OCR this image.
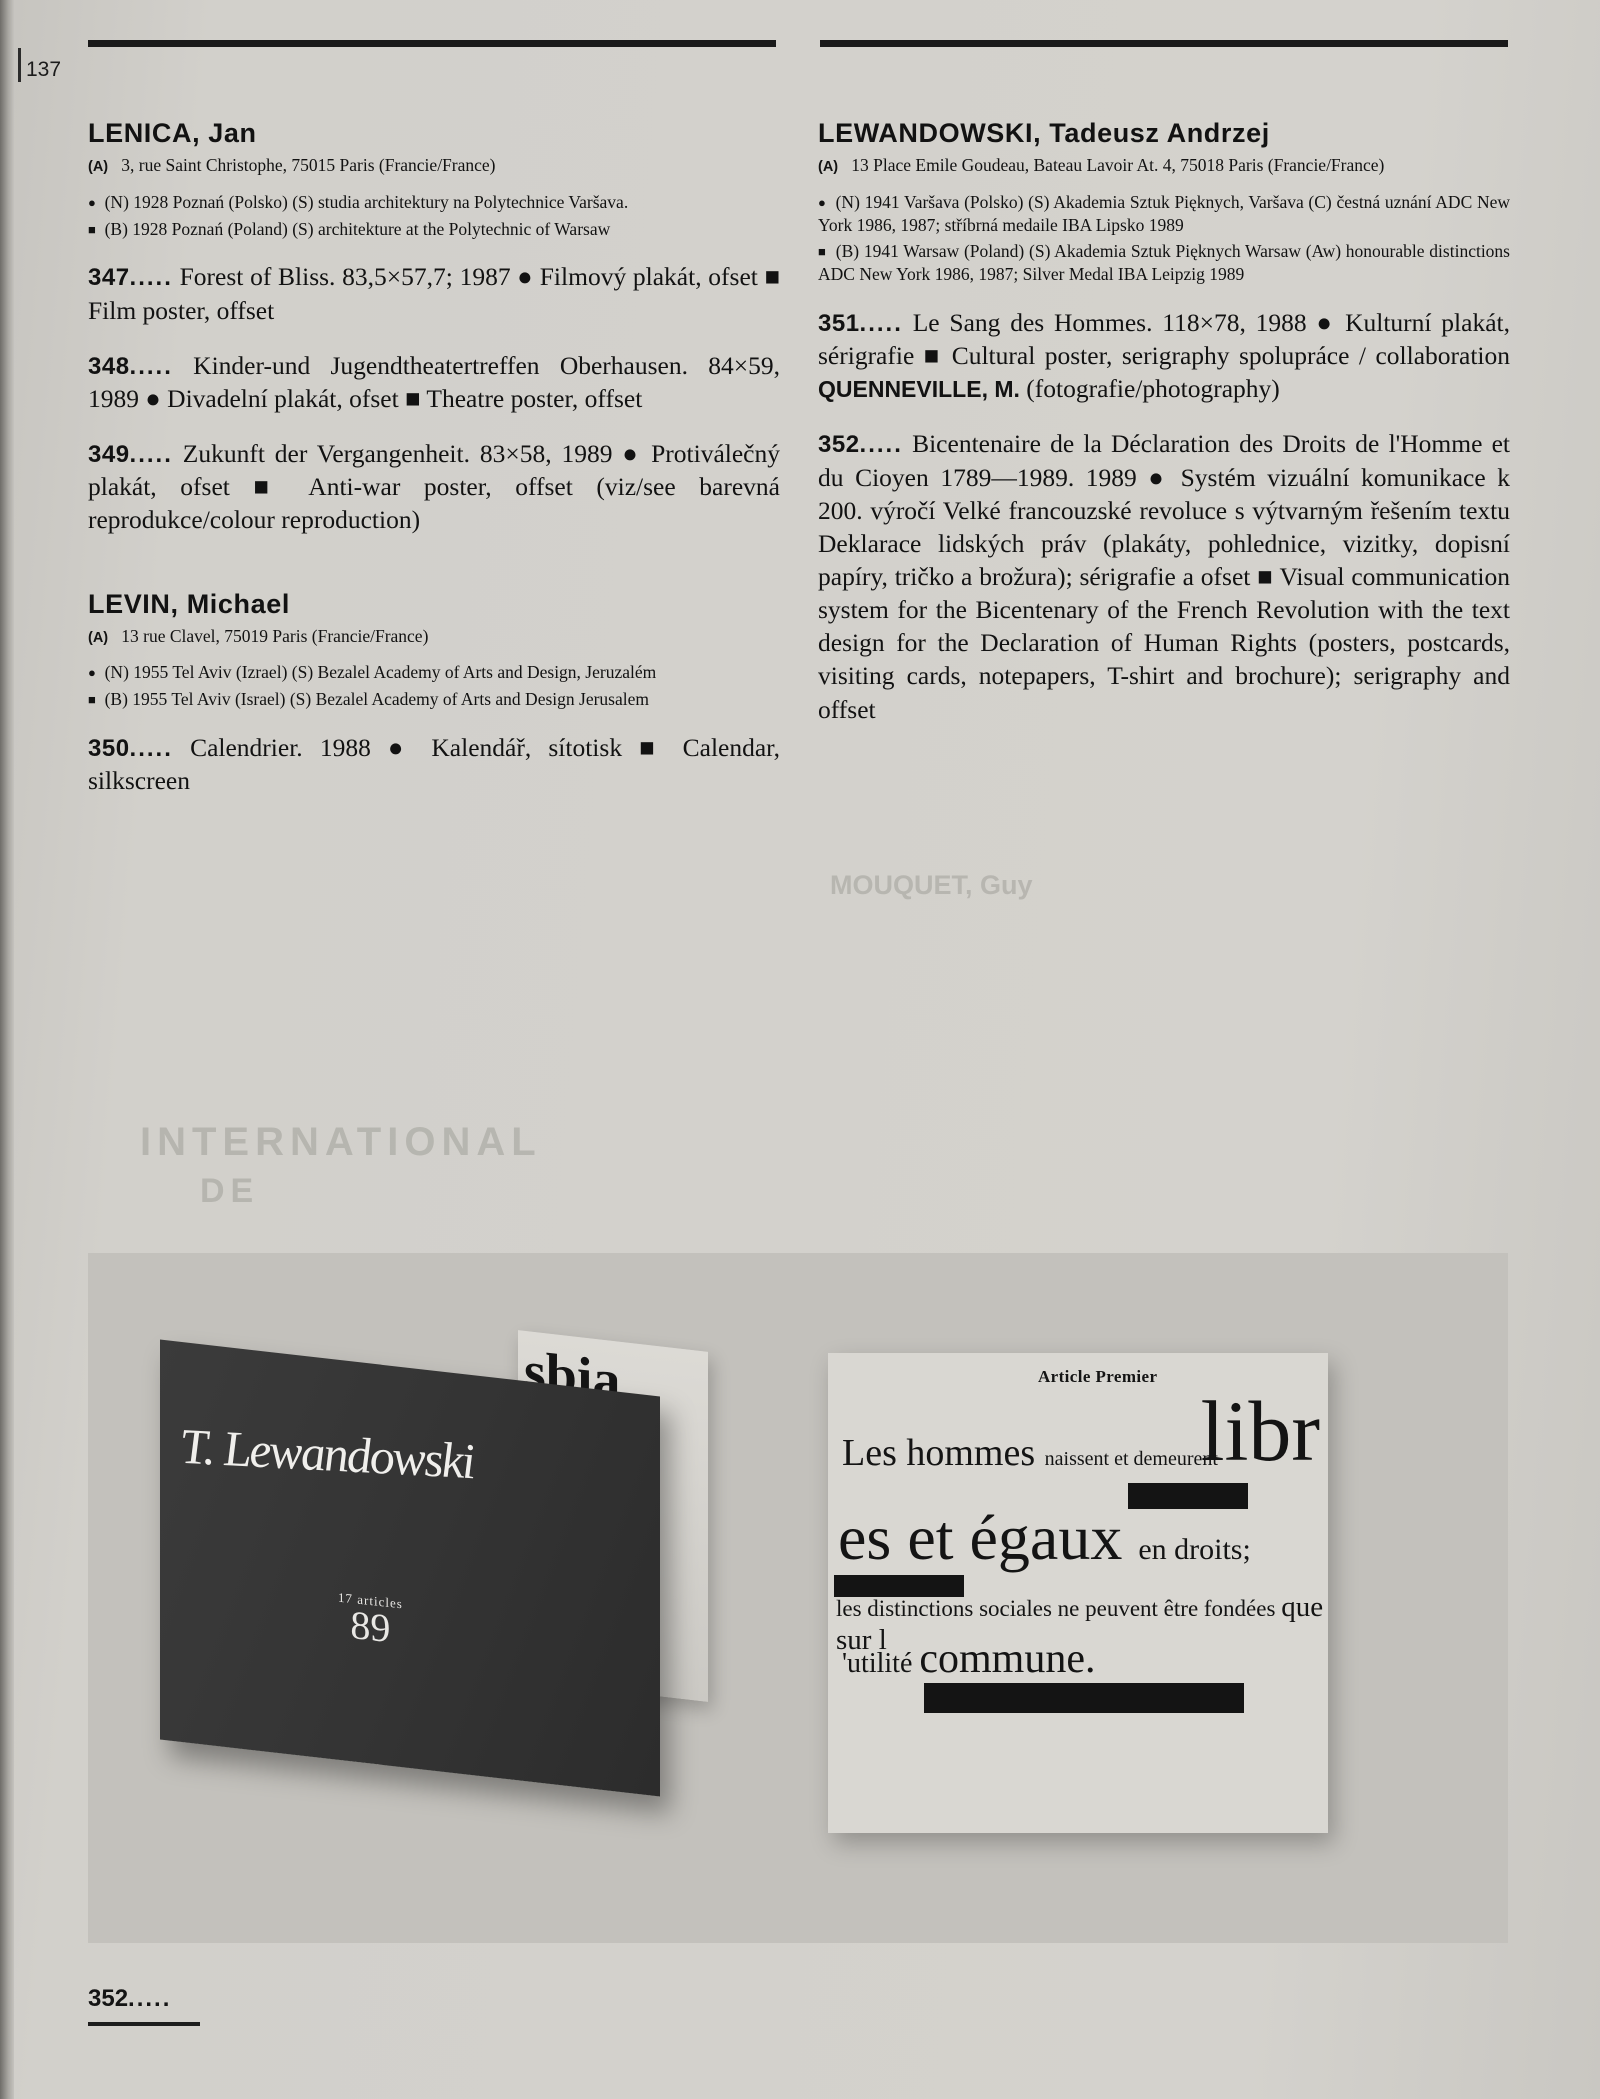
137
MOUQUET, Guy
INTERNATIONAL
DE
LENICA, Jan
(A) 3, rue Saint Christophe, 75015 Paris (Francie/France)
● (N) 1928 Poznań (Polsko) (S) studia architektury na Polytechnice Varšava.
■ (B) 1928 Poznań (Poland) (S) architekture at the Polytechnic of Warsaw
347..... Forest of Bliss. 83,5×57,7; 1987 ● Filmový plakát, ofset ■ Film poster, offset
348..... Kinder-und Jugendtheatertreffen Oberhausen. 84×59, 1989 ● Divadelní plakát, ofset ■ Theatre poster, offset
349..... Zukunft der Vergangenheit. 83×58, 1989 ● Protiválečný plakát, ofset ■ Anti-war poster, offset (viz/see barevná reprodukce/colour reproduction)
LEVIN, Michael
(A) 13 rue Clavel, 75019 Paris (Francie/France)
● (N) 1955 Tel Aviv (Izrael) (S) Bezalel Academy of Arts and Design, Jeruzalém
■ (B) 1955 Tel Aviv (Israel) (S) Bezalel Academy of Arts and Design Jerusalem
350..... Calendrier. 1988 ● Kalendář, sítotisk ■ Calendar, silkscreen
LEWANDOWSKI, Tadeusz Andrzej
(A) 13 Place Emile Goudeau, Bateau Lavoir At. 4, 75018 Paris (Francie/France)
● (N) 1941 Varšava (Polsko) (S) Akademia Sztuk Pięknych, Varšava (C) čestná uznání ADC New York 1986, 1987; stříbrná medaile IBA Lipsko 1989
■ (B) 1941 Warsaw (Poland) (S) Akademia Sztuk Pięknych Warsaw (Aw) honourable distinctions ADC New York 1986, 1987; Silver Medal IBA Leipzig 1989
351..... Le Sang des Hommes. 118×78, 1988 ● Kulturní plakát, sérigrafie ■ Cultural poster, serigraphy spolupráce / collaboration QUENNEVILLE, M. (fotografie/photography)
352..... Bicentenaire de la Déclaration des Droits de l'Homme et du Cioyen 1789—1989. 1989 ● Systém vizuální komunikace k 200. výročí Velké francouzské revoluce s výtvarným řešením textu Deklarace lidských práv (plakáty, pohlednice, vizitky, dopisní papíry, tričko a brožura); sérigrafie a ofset ■ Visual communication system for the Bicentenary of the French Revolution with the text design for the Declaration of Human Rights (posters, postcards, visiting cards, notepapers, T-shirt and brochure); serigraphy and offset
sbia
T. Lewandowski
17 articles
89
Article Premier
libr
Les hommes naissent et demeurent
es et égaux en droits;
les distinctions sociales ne peuvent être fondées que sur l
'utilité commune.
352.....
